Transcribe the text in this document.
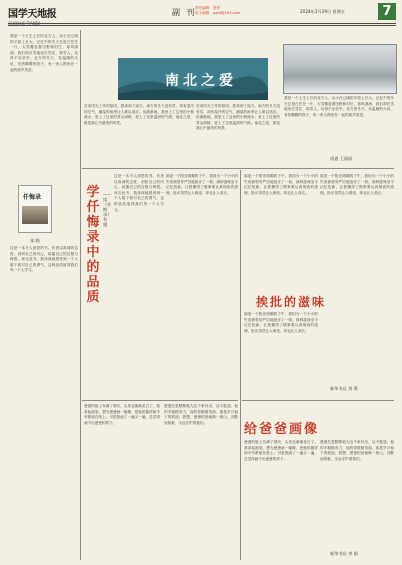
国学天地报	副 刊
责任编辑：蔡华
电子邮箱：gxtd@163.com	2024年2月29日 星期五	7
我是一个土生土长的北方人，从小在辽阔的平原上长大。记忆中的冬天总是白茫茫一片，大雪覆盖着田野和村庄，寒风凛冽，我们却在雪地里打雪仗、堆雪人，玩得不亦乐乎。北方的冬天，有温暖的火炕，有热腾腾的饺子，有一家人围坐在一起的欢声笑语。
南北之爱
后来因为工作的原因，我来到了南方。南方的冬天没有雪，却有湿冷的空气，潮湿的雨季让人难以适应。但渐渐地，我爱上了这里的小桥流水，爱上了这里的青山绿树，爱上了这里温润的气候。南北之爱，都是我心中最美的风景。
后来因为工作的原因，我来到了南方。南方的冬天没有雪，却有湿冷的空气，潮湿的雨季让人难以适应。但渐渐地，我爱上了这里的小桥流水，爱上了这里的青山绿树，爱上了这里温润的气候。南北之爱，都是我心中最美的风景。
我是一个土生土长的北方人，从小在辽阔的平原上长大。记忆中的冬天总是白茫茫一片，大雪覆盖着田野和村庄，寒风凛冽，我们却在雪地里打雪仗、堆雪人，玩得不亦乐乎。北方的冬天，有温暖的火炕，有热腾腾的饺子，有一家人围坐在一起的欢声笑语。
南通 王丽丽
仟悔录	学仟悔录中的品质
——读《仟悔录》有感
张 晓
这是一本令人深思的书。作者以真诚的态度，剖析自己的内心，坦露自己的过错与悔恨。读完此书，我深深地感受到一个人敢于面对自己的勇气，这种品质值得我们每一个人学习。
这是一本令人深思的书。作者以真诚的态度，剖析自己的内心，坦露自己的过错与悔恨。读完此书，我深深地感受到一个人敢于面对自己的勇气，这种品质值得我们每一个人学习。
那是一个阳光明媚的下午，我因为一个小小的失误被领导严厉地批评了一顿。那种滋味至今记忆犹新，让我懂得了做事要认真细致的道理。批评虽然让人难受，却也让人成长。
那是一个阳光明媚的下午，我因为一个小小的失误被领导严厉地批评了一顿。那种滋味至今记忆犹新，让我懂得了做事要认真细致的道理。批评虽然让人难受，却也让人成长。
那是一个阳光明媚的下午，我因为一个小小的失误被领导严厉地批评了一顿。那种滋味至今记忆犹新，让我懂得了做事要认真细致的道理。批评虽然让人难受，却也让人成长。
挨批的滋味
那是一个阳光明媚的下午，我因为一个小小的失误被领导严厉地批评了一顿。那种滋味至今记忆犹新，让我懂得了做事要认真细致的道理。批评虽然让人难受，却也让人成长。
新华书店 刘 勇
爸爸的脸上布满了皱纹，头发也渐渐花白了。我拿起画笔，想为爸爸画一幅像，把他的慈祥和辛劳都留在纸上。可是我画了一遍又一遍，总觉得画不出爸爸的样子。
爸爸总是默默地为这个家付出，从不抱怨。他的手粗糙有力，他的背微微弯曲，那是岁月留下的痕迹。我想，爸爸的爱就像一座山，沉默而厚重，永远守护着我们。	给爸爸画像
爸爸的脸上布满了皱纹，头发也渐渐花白了。我拿起画笔，想为爸爸画一幅像，把他的慈祥和辛劳都留在纸上。可是我画了一遍又一遍，总觉得画不出爸爸的样子。
爸爸总是默默地为这个家付出，从不抱怨。他的手粗糙有力，他的背微微弯曲，那是岁月留下的痕迹。我想，爸爸的爱就像一座山，沉默而厚重，永远守护着我们。
新华书店 李 娟
